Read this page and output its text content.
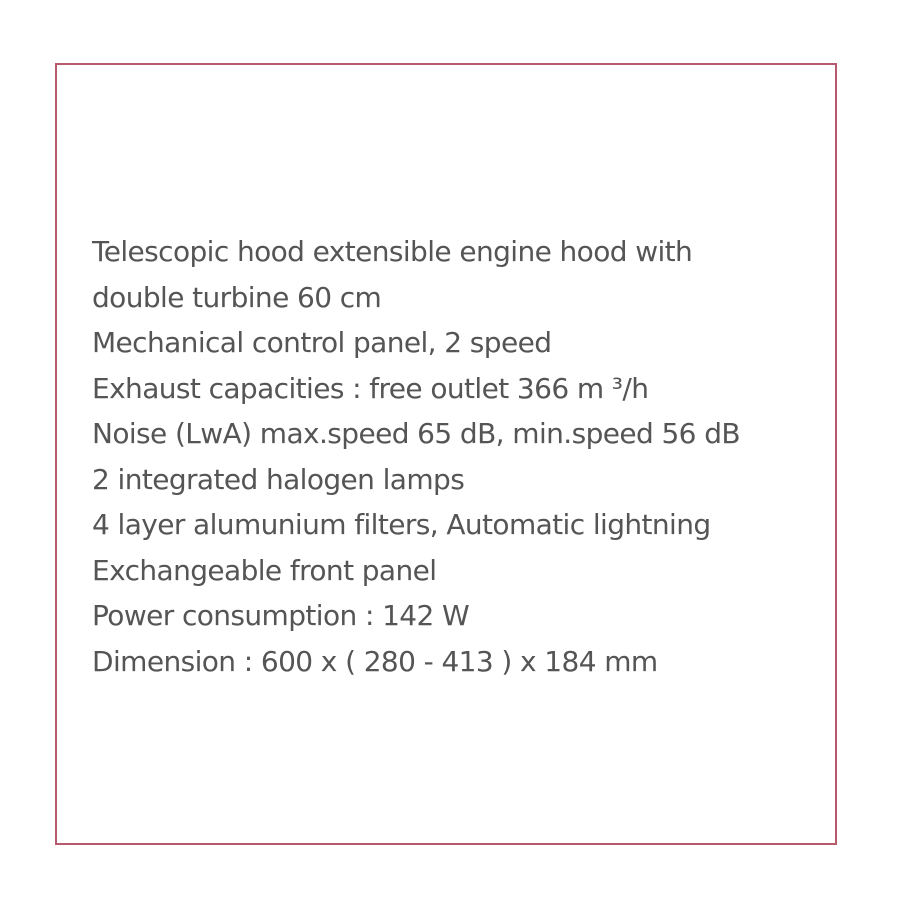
Telescopic hood extensible engine hood with
double turbine 60 cm
Mechanical control panel, 2 speed
Exhaust capacities : free outlet 366 m ³/h
Noise (LwA) max.speed 65 dB, min.speed 56 dB
2 integrated halogen lamps
4 layer alumunium filters, Automatic lightning
Exchangeable front panel
Power consumption : 142 W
Dimension : 600 x ( 280 - 413 ) x 184 mm
